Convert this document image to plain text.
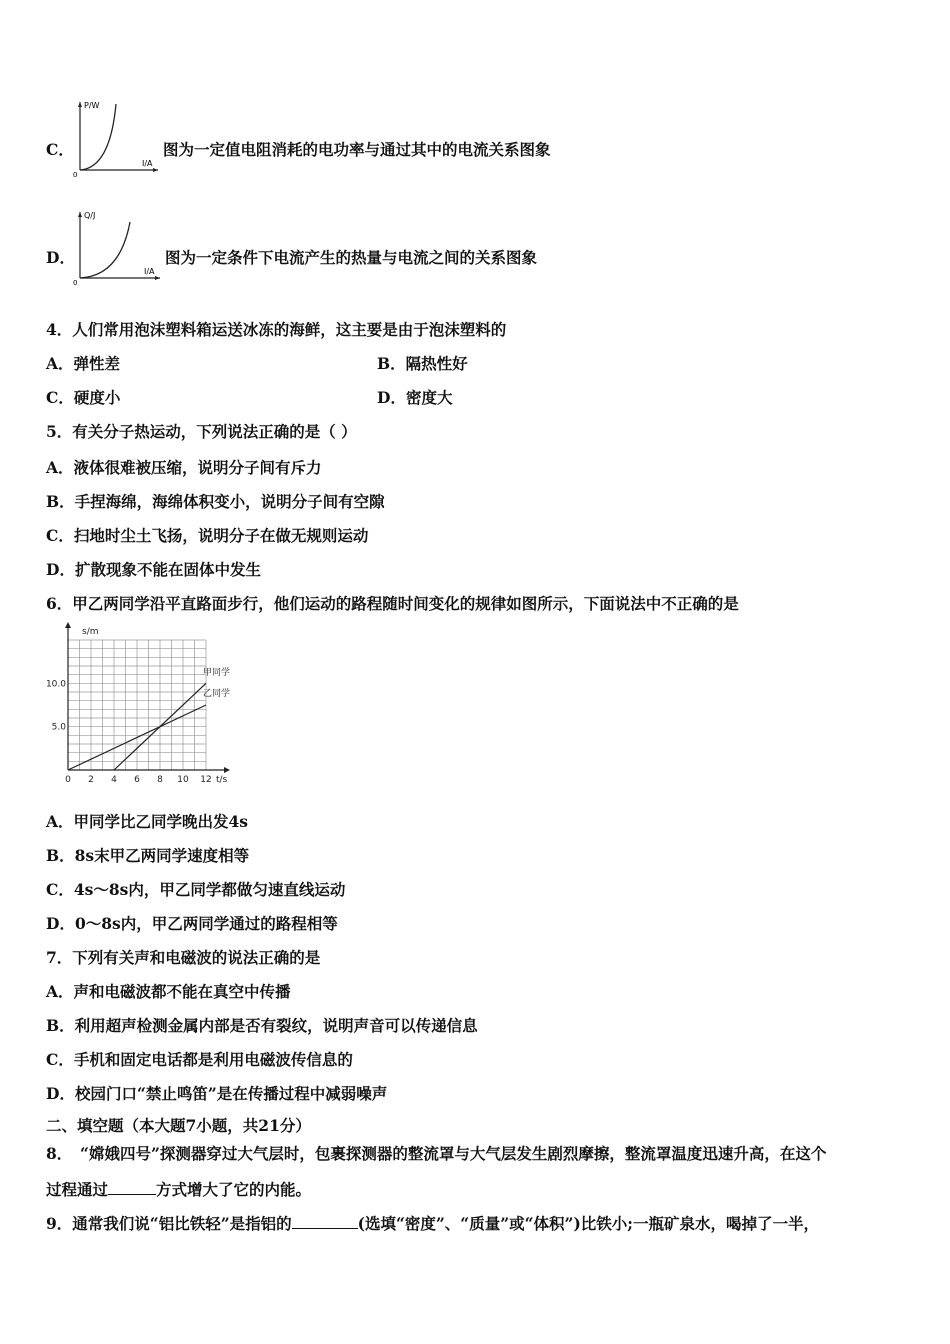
C．
P/W
I/A
0
图为一定值电阻消耗的电功率与通过其中的电流关系图象
D．
Q/J
I/A
0
图为一定条件下电流产生的热量与电流之间的关系图象
4．人们常用泡沫塑料箱运送冰冻的海鲜，这主要是由于泡沫塑料的
A．弹性差	B．隔热性好
C．硬度小	D．密度大
5．有关分子热运动，下列说法正确的是（ ）
A．液体很难被压缩，说明分子间有斥力
B．手捏海绵，海绵体积变小，说明分子间有空隙
C．扫地时尘土飞扬，说明分子在做无规则运动
D．扩散现象不能在固体中发生
6．甲乙两同学沿平直路面步行，他们运动的路程随时间变化的规律如图所示，下面说法中不正确的是
甲同学
乙同学
0 2 4 6 8 10 12
5.0
10.0
t/s
s/m
A．甲同学比乙同学晚出发4s
B．8s末甲乙两同学速度相等
C．4s～8s内，甲乙同学都做匀速直线运动
D．0～8s内，甲乙两同学通过的路程相等
7．下列有关声和电磁波的说法正确的是
A．声和电磁波都不能在真空中传播
B．利用超声检测金属内部是否有裂纹，说明声音可以传递信息
C．手机和固定电话都是利用电磁波传信息的
D．校园门口“禁止鸣笛”是在传播过程中减弱噪声
二、填空题（本大题7小题，共21分）
8．　“嫦娥四号”探测器穿过大气层时，包裹探测器的整流罩与大气层发生剧烈摩擦，整流罩温度迅速升高，在这个
过程通过	方式增大了它的内能。
9．通常我们说“铝比铁轻”是指铝的	(选填“密度”、“质量”或“体积”)比铁小;一瓶矿泉水，喝掉了一半，
